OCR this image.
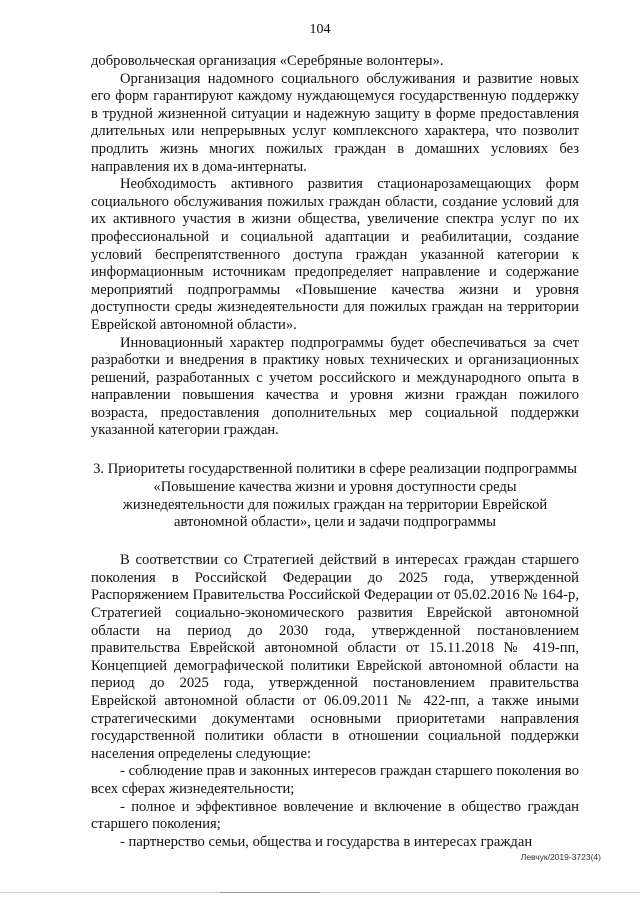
104

добровольческая организация «Серебряные волонтеры».

Организация надомного социального обслуживания и развитие новых его форм гарантируют каждому нуждающемуся государственную поддержку в трудной жизненной ситуации и надежную защиту в форме предоставления длительных или непрерывных услуг комплексного характера, что позволит продлить жизнь многих пожилых граждан в домашних условиях без направления их в дома-интернаты.

Необходимость активного развития стационарозамещающих форм социального обслуживания пожилых граждан области, создание условий для их активного участия в жизни общества, увеличение спектра услуг по их профессиональной и социальной адаптации и реабилитации, создание условий беспрепятственного доступа граждан указанной категории к информационным источникам предопределяет направление и содержание мероприятий подпрограммы «Повышение качества жизни и уровня доступности среды жизнедеятельности для пожилых граждан на территории Еврейской автономной области».

Инновационный характер подпрограммы будет обеспечиваться за счет разработки и внедрения в практику новых технических и организационных решений, разработанных с учетом российского и международного опыта в направлении повышения качества и уровня жизни граждан пожилого возраста, предоставления дополнительных мер социальной поддержки указанной категории граждан.

3. Приоритеты государственной политики в сфере реализации подпрограммы «Повышение качества жизни и уровня доступности среды жизнедеятельности для пожилых граждан на территории Еврейской автономной области», цели и задачи подпрограммы

В соответствии со Стратегией действий в интересах граждан старшего поколения в Российской Федерации до 2025 года, утвержденной Распоряжением Правительства Российской Федерации от 05.02.2016 № 164-р, Стратегией социально-экономического развития Еврейской автономной области на период до 2030 года, утвержденной постановлением правительства Еврейской автономной области от 15.11.2018 № 419-пп, Концепцией демографической политики Еврейской автономной области на период до 2025 года, утвержденной постановлением правительства Еврейской автономной области от 06.09.2011 № 422-пп, а также иными стратегическими документами основными приоритетами направления государственной политики области в отношении социальной поддержки населения определены следующие:

- соблюдение прав и законных интересов граждан старшего поколения во всех сферах жизнедеятельности;

- полное и эффективное вовлечение и включение в общество граждан старшего поколения;

- партнерство семьи, общества и государства в интересах граждан

Левчук/2019-3723(4)
